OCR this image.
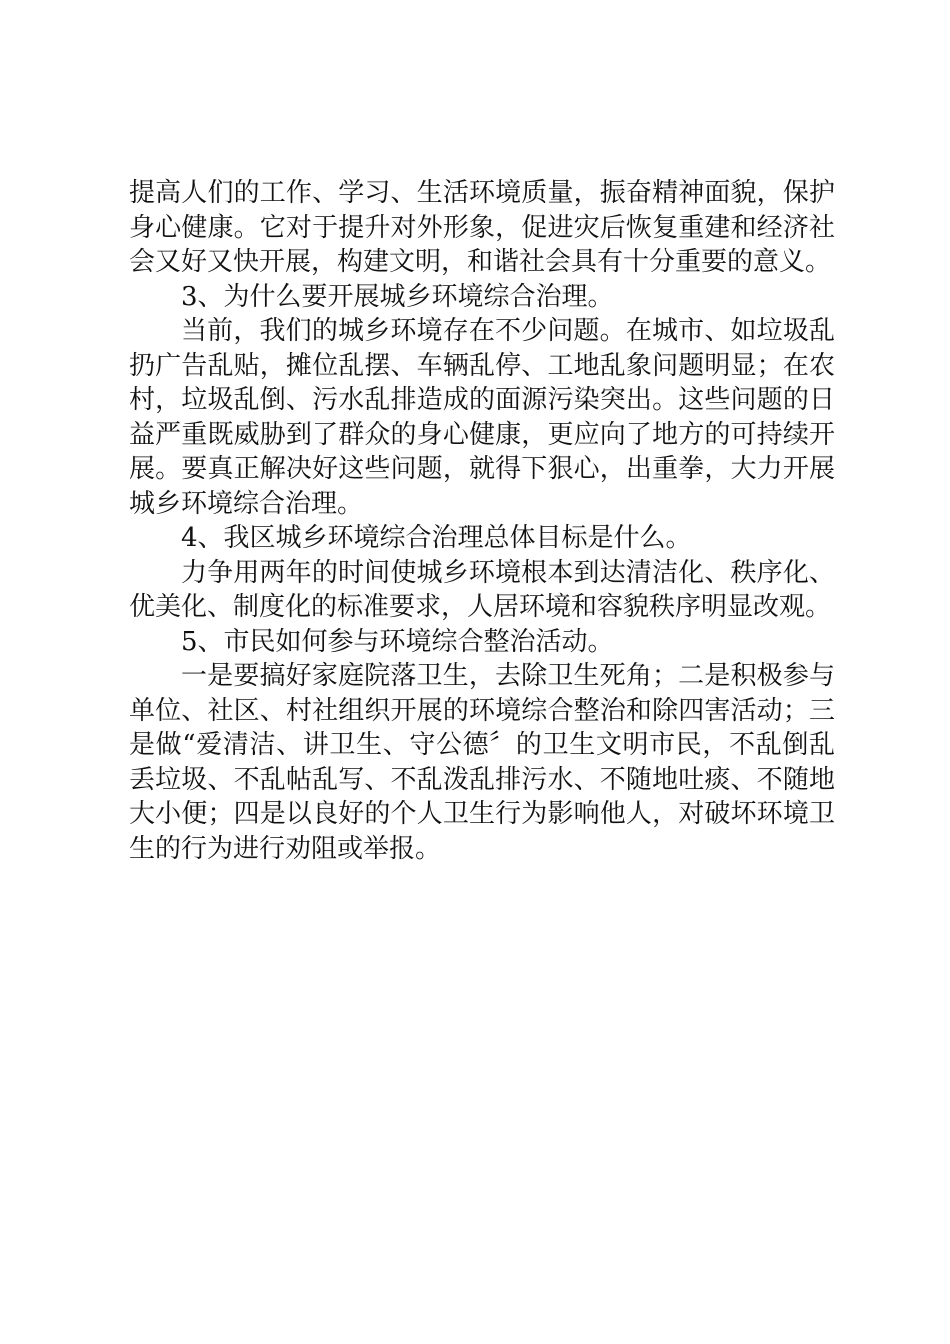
提高人们的工作、学习、生活环境质量，振奋精神面貌，保护身心健康。它对于提升对外形象，促进灾后恢复重建和经济社会又好又快开展，构建文明，和谐社会具有十分重要的意义。

3、为什么要开展城乡环境综合治理。

当前，我们的城乡环境存在不少问题。在城市、如垃圾乱扔广告乱贴，摊位乱摆、车辆乱停、工地乱象问题明显；在农村，垃圾乱倒、污水乱排造成的面源污染突出。这些问题的日益严重既威胁到了群众的身心健康，更应向了地方的可持续开展。要真正解决好这些问题，就得下狠心，出重拳，大力开展城乡环境综合治理。

4、我区城乡环境综合治理总体目标是什么。

力争用两年的时间使城乡环境根本到达清洁化、秩序化、优美化、制度化的标准要求，人居环境和容貌秩序明显改观。

5、市民如何参与环境综合整治活动。

一是要搞好家庭院落卫生，去除卫生死角；二是积极参与单位、社区、村社组织开展的环境综合整治和除四害活动；三是做“爱清洁、讲卫生、守公德〞的卫生文明市民，不乱倒乱丢垃圾、不乱帖乱写、不乱泼乱排污水、不随地吐痰、不随地大小便；四是以良好的个人卫生行为影响他人，对破坏环境卫生的行为进行劝阻或举报。
